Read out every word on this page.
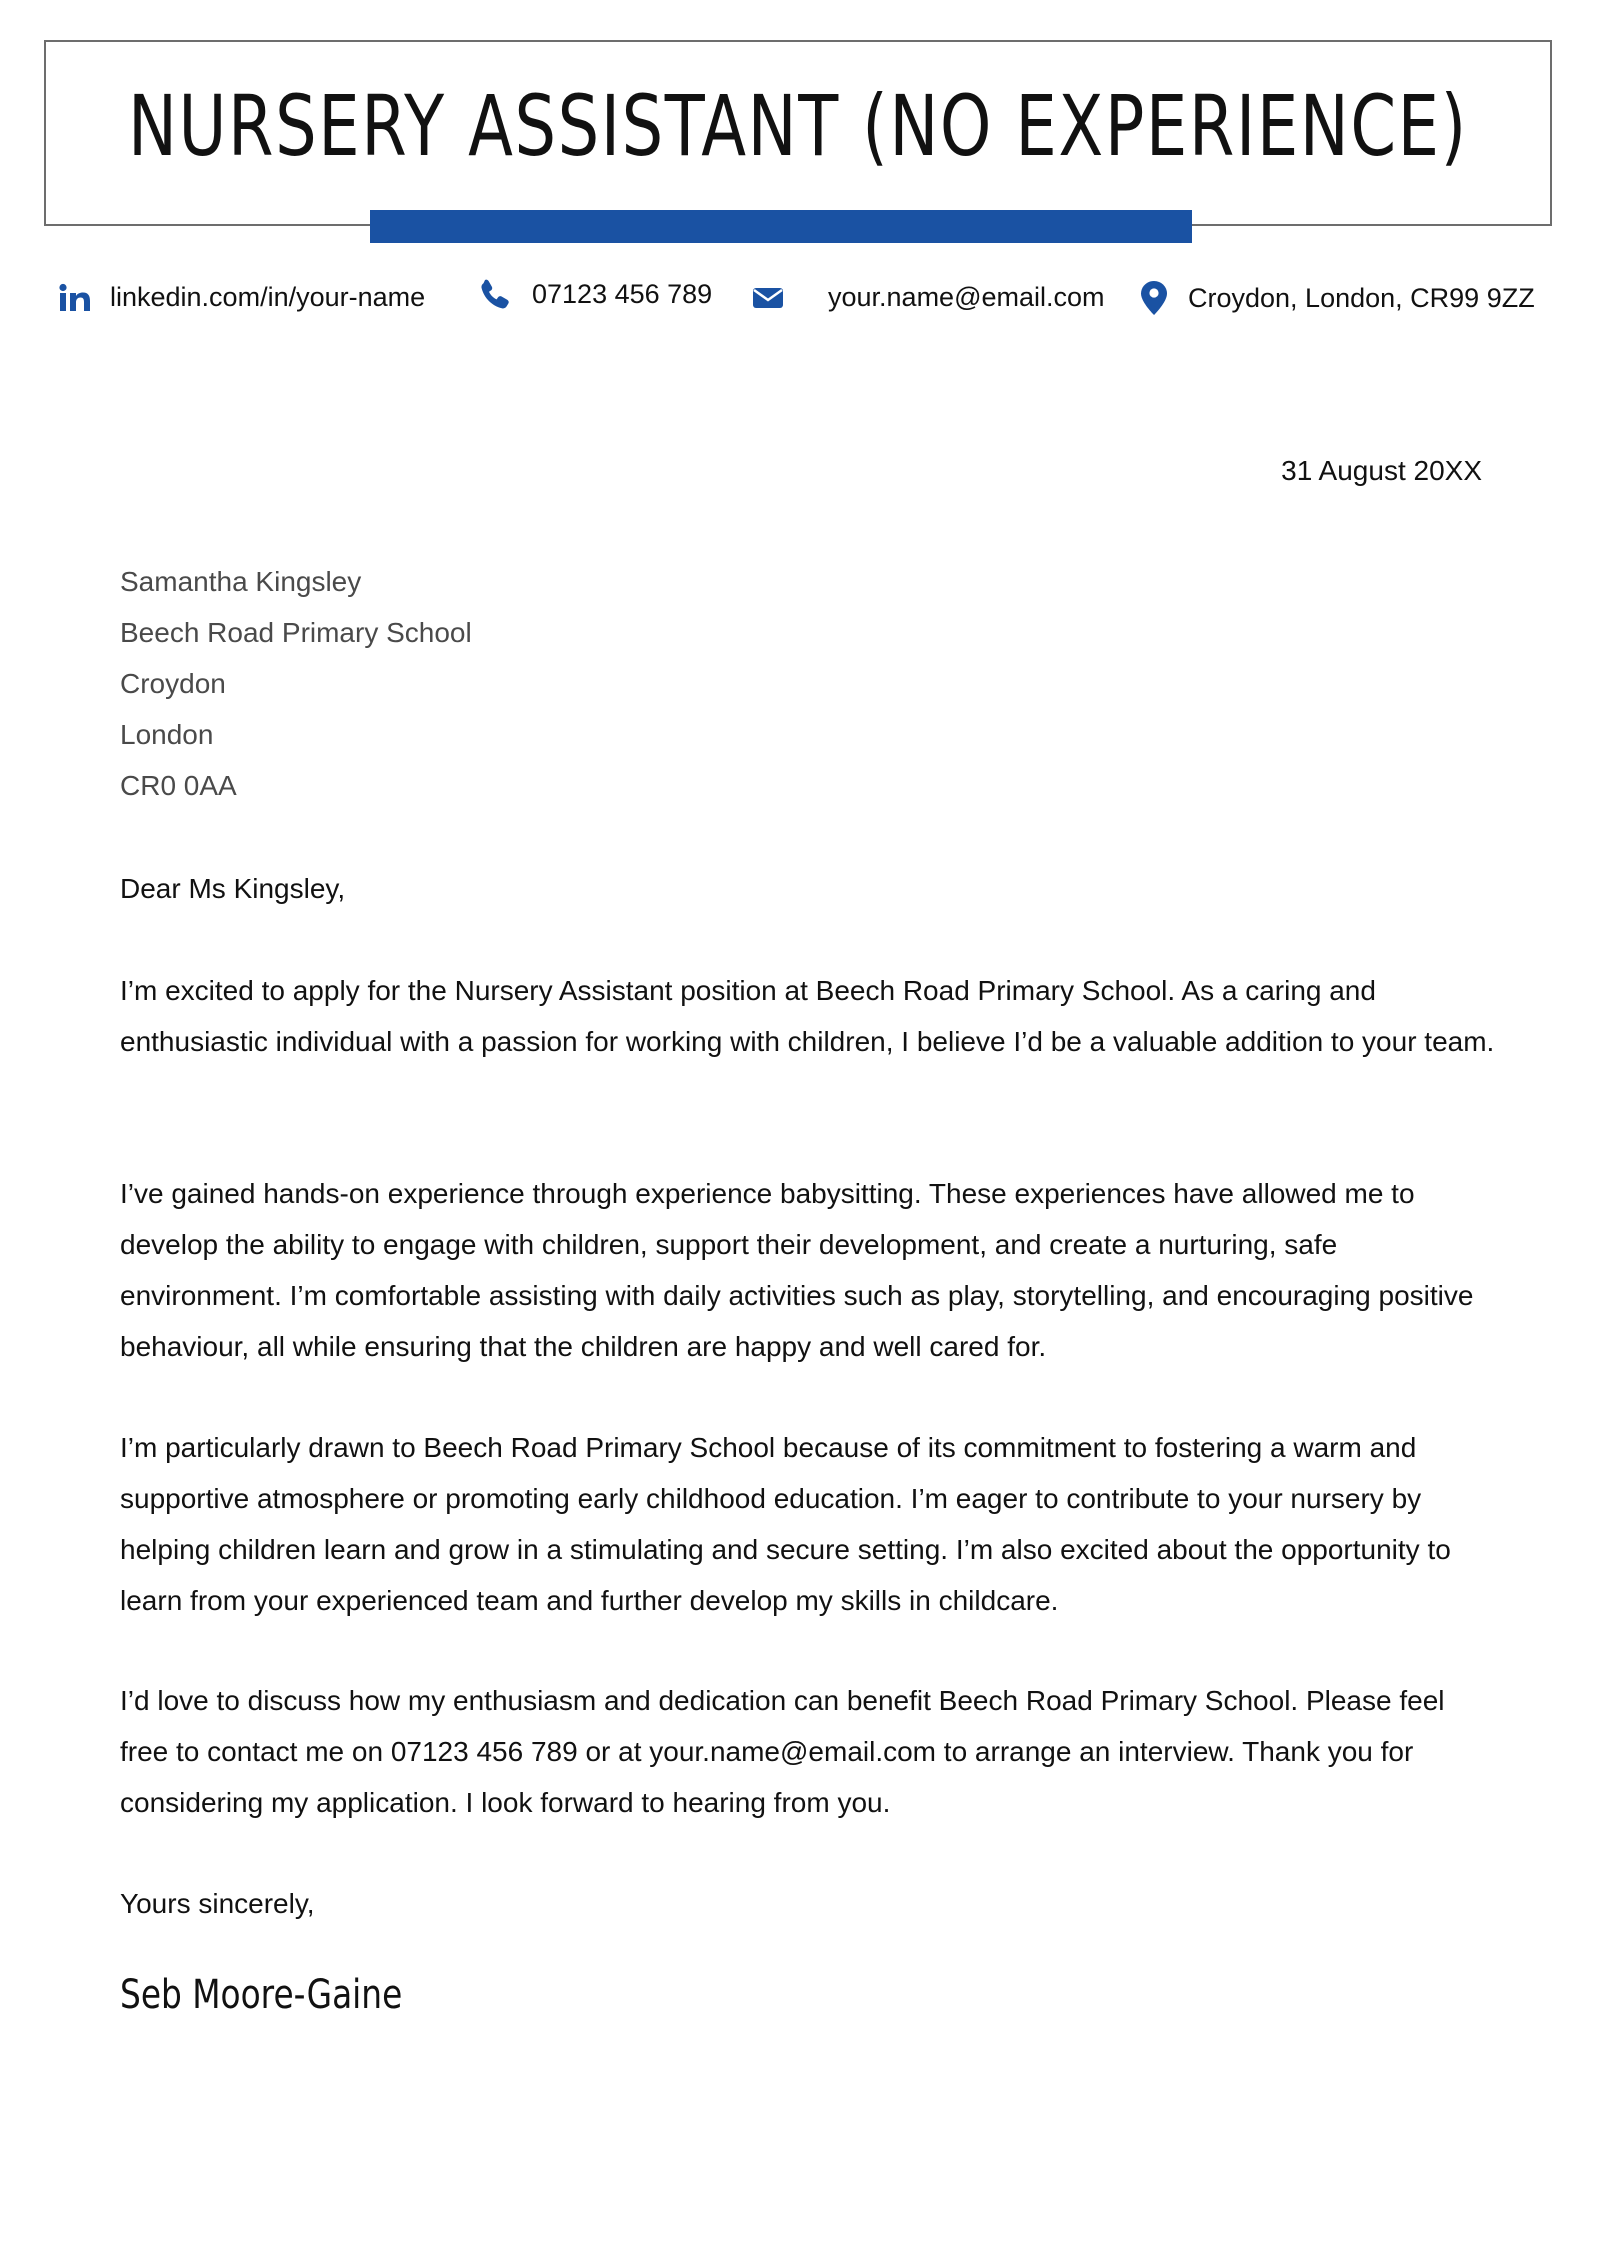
NURSERY ASSISTANT (NO EXPERIENCE)
linkedin.com/in/your-name	07123 456 789	your.name@email.com	Croydon, London, CR99 9ZZ
31 August 20XX
Samantha Kingsley
Beech Road Primary School
Croydon
London
CR0 0AA
Dear Ms Kingsley,

I’m excited to apply for the Nursery Assistant position at Beech Road Primary School. As a caring and enthusiastic individual with a passion for working with children, I believe I’d be a valuable addition to your team.

I’ve gained hands-on experience through experience babysitting. These experiences have allowed me to develop the ability to engage with children, support their development, and create a nurturing, safe environment. I’m comfortable assisting with daily activities such as play, storytelling, and encouraging positive behaviour, all while ensuring that the children are happy and well cared for.

I’m particularly drawn to Beech Road Primary School because of its commitment to fostering a warm and supportive atmosphere or promoting early childhood education. I’m eager to contribute to your nursery by helping children learn and grow in a stimulating and secure setting. I’m also excited about the opportunity to learn from your experienced team and further develop my skills in childcare.

I’d love to discuss how my enthusiasm and dedication can benefit Beech Road Primary School. Please feel free to contact me on 07123 456 789 or at your.name@email.com to arrange an interview. Thank you for considering my application. I look forward to hearing from you.

Yours sincerely,
Seb Moore-Gaine
